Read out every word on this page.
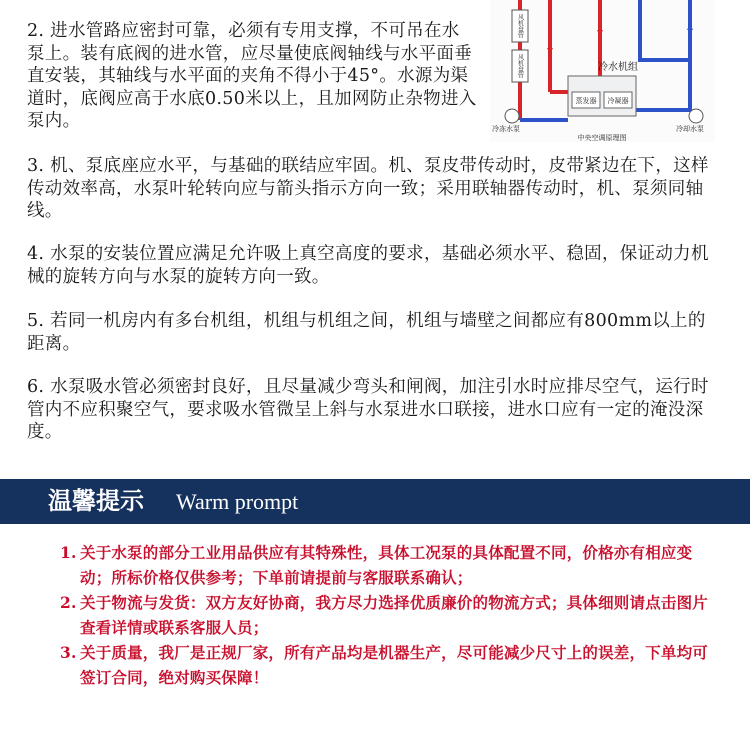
2. 进水管路应密封可靠，必须有专用支撑，不可吊在水泵上。装有底阀的进水管，应尽量使底阀轴线与水平面垂直安装，其轴线与水平面的夹角不得小于45°。水源为渠道时，底阀应高于水底0.50米以上，且加网防止杂物进入泵内。

风机盘管
风机盘管	冷水机组
蒸发器 冷凝器
冷冻水泵	冷却水泵
中央空调原理图

3. 机、泵底座应水平，与基础的联结应牢固。机、泵皮带传动时，皮带紧边在下，这样传动效率高，水泵叶轮转向应与箭头指示方向一致；采用联轴器传动时，机、泵须同轴线。

4. 水泵的安装位置应满足允许吸上真空高度的要求，基础必须水平、稳固，保证动力机械的旋转方向与水泵的旋转方向一致。

5. 若同一机房内有多台机组，机组与机组之间，机组与墙壁之间都应有800mm以上的距离。

6. 水泵吸水管必须密封良好，且尽量减少弯头和闸阀，加注引水时应排尽空气，运行时管内不应积聚空气，要求吸水管微呈上斜与水泵进水口联接，进水口应有一定的淹没深度。

温馨提示 Warm prompt
1. 关于水泵的部分工业用品供应有其特殊性，具体工况泵的具体配置不同，价格亦有相应变动；所标价格仅供参考；下单前请提前与客服联系确认；
2. 关于物流与发货：双方友好协商，我方尽力选择优质廉价的物流方式；具体细则请点击图片查看详情或联系客服人员；
3. 关于质量，我厂是正规厂家，所有产品均是机器生产，尽可能减少尺寸上的误差，下单均可签订合同，绝对购买保障！
